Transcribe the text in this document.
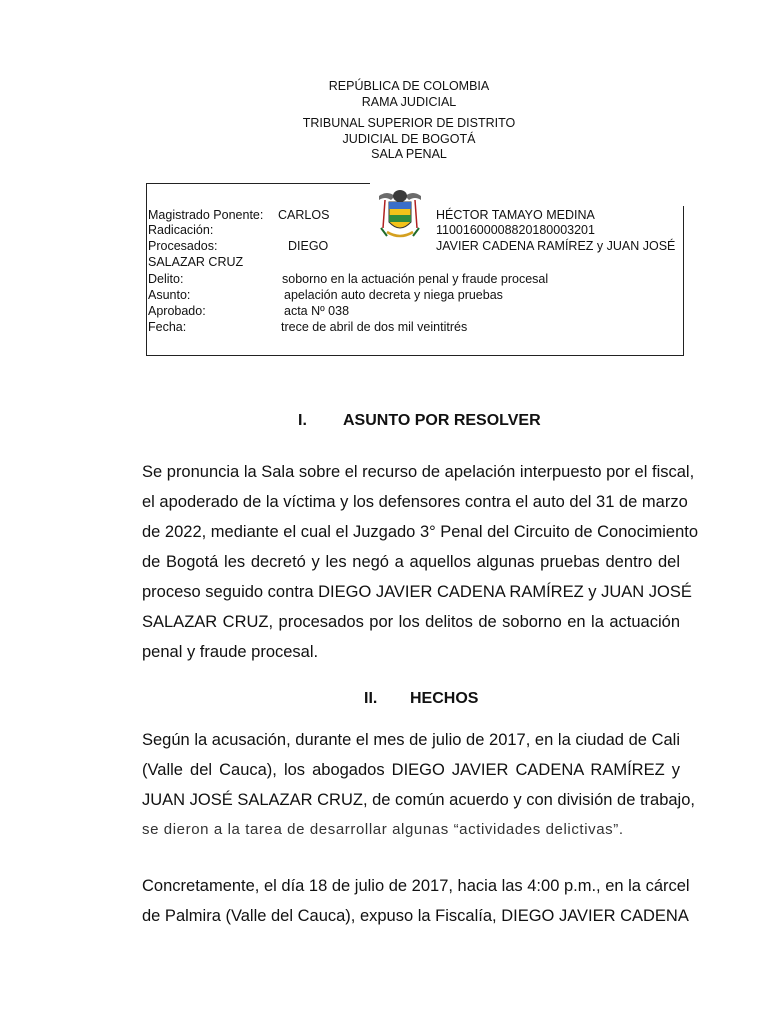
REPÚBLICA DE COLOMBIA
RAMA JUDICIAL
TRIBUNAL SUPERIOR DE DISTRITO
JUDICIAL DE BOGOTÁ
SALA PENAL
Magistrado Ponente: CARLOS	HÉCTOR TAMAYO MEDINA
Radicación:	11001600008820180003201
Procesados:	DIEGO	JAVIER CADENA RAMÍREZ y JUAN JOSÉ
SALAZAR CRUZ
Delito:	soborno en la actuación penal y fraude procesal
Asunto:	apelación auto decreta y niega pruebas
Aprobado:	acta Nº 038
Fecha:	trece de abril de dos mil veintitrés
I. ASUNTO POR RESOLVER
Se pronuncia la Sala sobre el recurso de apelación interpuesto por el fiscal,
el apoderado de la víctima y los defensores contra el auto del 31 de marzo
de 2022, mediante el cual el Juzgado 3° Penal del Circuito de Conocimiento
de Bogotá les decretó y les negó a aquellos algunas pruebas dentro del
proceso seguido contra DIEGO JAVIER CADENA RAMÍREZ y JUAN JOSÉ
SALAZAR CRUZ, procesados por los delitos de soborno en la actuación
penal y fraude procesal.
II. HECHOS
Según la acusación, durante el mes de julio de 2017, en la ciudad de Cali
(Valle del Cauca), los abogados DIEGO JAVIER CADENA RAMÍREZ y
JUAN JOSÉ SALAZAR CRUZ, de común acuerdo y con división de trabajo,
se dieron a la tarea de desarrollar algunas “actividades delictivas”.
Concretamente, el día 18 de julio de 2017, hacia las 4:00 p.m., en la cárcel
de Palmira (Valle del Cauca), expuso la Fiscalía, DIEGO JAVIER CADENA
